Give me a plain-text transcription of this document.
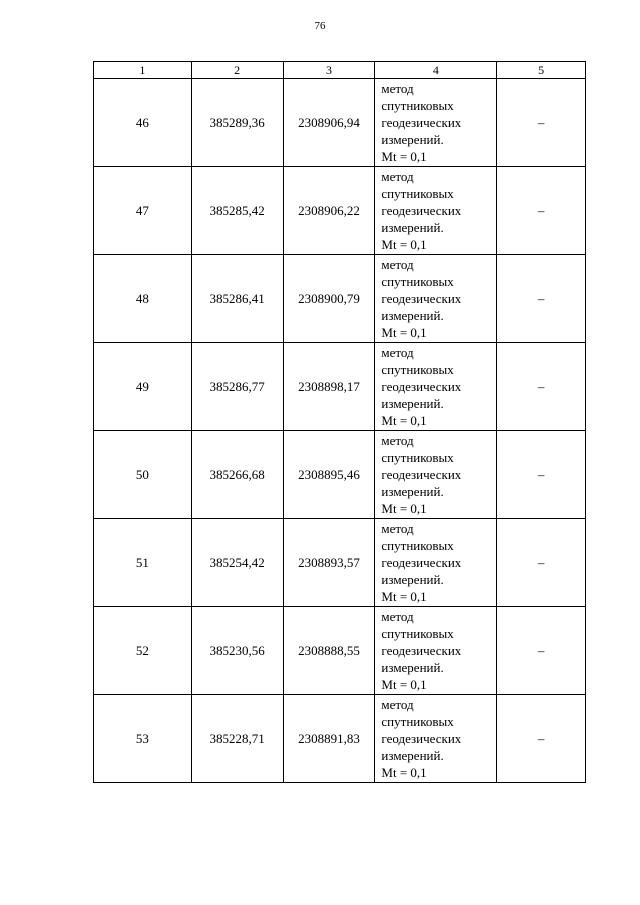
76
1	2	3	4	5
46	385289,36	2308906,94	метод
спутниковых
геодезических
измерений.
Mt = 0,1	–
47	385285,42	2308906,22	метод
спутниковых
геодезических
измерений.
Mt = 0,1	–
48	385286,41	2308900,79	метод
спутниковых
геодезических
измерений.
Mt = 0,1	–
49	385286,77	2308898,17	метод
спутниковых
геодезических
измерений.
Mt = 0,1	–
50	385266,68	2308895,46	метод
спутниковых
геодезических
измерений.
Mt = 0,1	–
51	385254,42	2308893,57	метод
спутниковых
геодезических
измерений.
Mt = 0,1	–
52	385230,56	2308888,55	метод
спутниковых
геодезических
измерений.
Mt = 0,1	–
53	385228,71	2308891,83	метод
спутниковых
геодезических
измерений.
Mt = 0,1	–
